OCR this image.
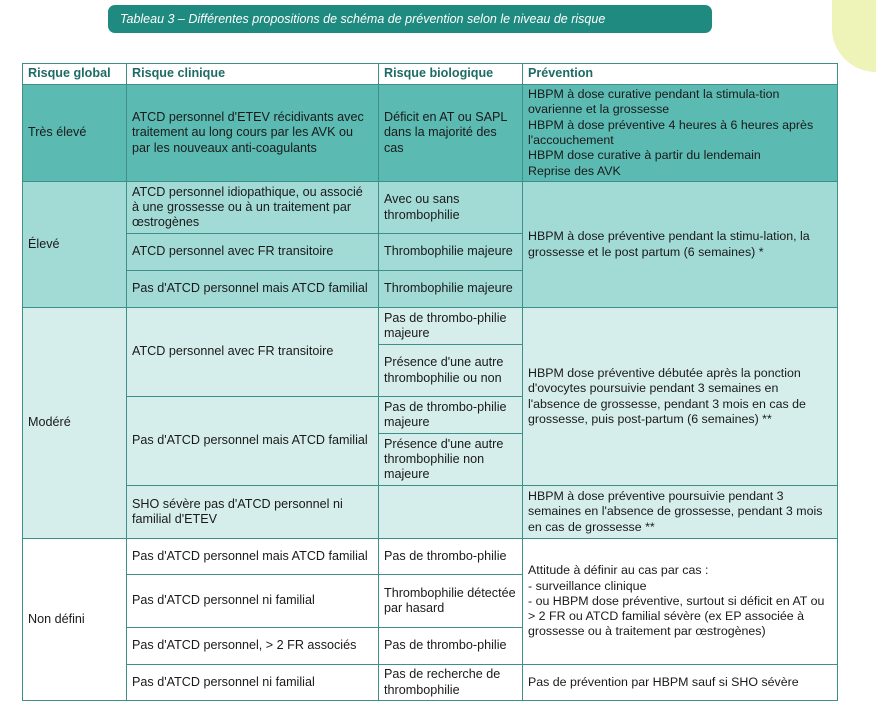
Tableau 3 – Différentes propositions de schéma de prévention selon le niveau de risque
Risque global	Risque clinique	Risque biologique	Prévention
Très élevé	ATCD personnel d'ETEV récidivants avec traitement au long cours par les AVK ou par les nouveaux anti-coagulants	Déficit en AT ou SAPL dans la majorité des cas	HBPM à dose curative pendant la stimula-tion ovarienne et la grossesse
HBPM à dose préventive 4 heures à 6 heures après l'accouchement
HBPM dose curative à partir du lendemain
Reprise des AVK

Élevé	ATCD personnel idiopathique, ou associé à une grossesse ou à un traitement par œstrogènes	Avec ou sans thrombophilie	HBPM à dose préventive pendant la stimu-lation, la grossesse et le post partum (6 semaines) *
	ATCD personnel avec FR transitoire	Thrombophilie majeure	
	Pas d'ATCD personnel mais ATCD familial	Thrombophilie majeure	
Modéré	ATCD personnel avec FR transitoire	Pas de thrombo-philie majeure	HBPM dose préventive débutée après la ponction d'ovocytes poursuivie pendant 3 semaines en l'absence de grossesse, pendant 3 mois en cas de grossesse, puis post-partum (6 semaines) **
		Présence d'une autre thrombophilie ou non	
	Pas d'ATCD personnel mais ATCD familial	Pas de thrombo-philie majeure	
		Présence d'une autre thrombophilie non majeure	
	SHO sévère pas d'ATCD personnel ni familial d'ETEV		HBPM à dose préventive poursuivie pendant 3 semaines en l'absence de grossesse, pendant 3 mois en cas de grossesse **
Non défini	Pas d'ATCD personnel mais ATCD familial	Pas de thrombo-philie	Attitude à définir au cas par cas :
- surveillance clinique
- ou HBPM dose préventive, surtout si déficit en AT ou > 2 FR ou ATCD familial sévère (ex EP associée à grossesse ou à traitement par œstrogènes)

	Pas d'ATCD personnel ni familial	Thrombophilie détectée par hasard	
	Pas d'ATCD personnel, > 2 FR associés	Pas de thrombo-philie	
	Pas d'ATCD personnel ni familial	Pas de recherche de thrombophilie	Pas de prévention par HBPM sauf si SHO sévère
